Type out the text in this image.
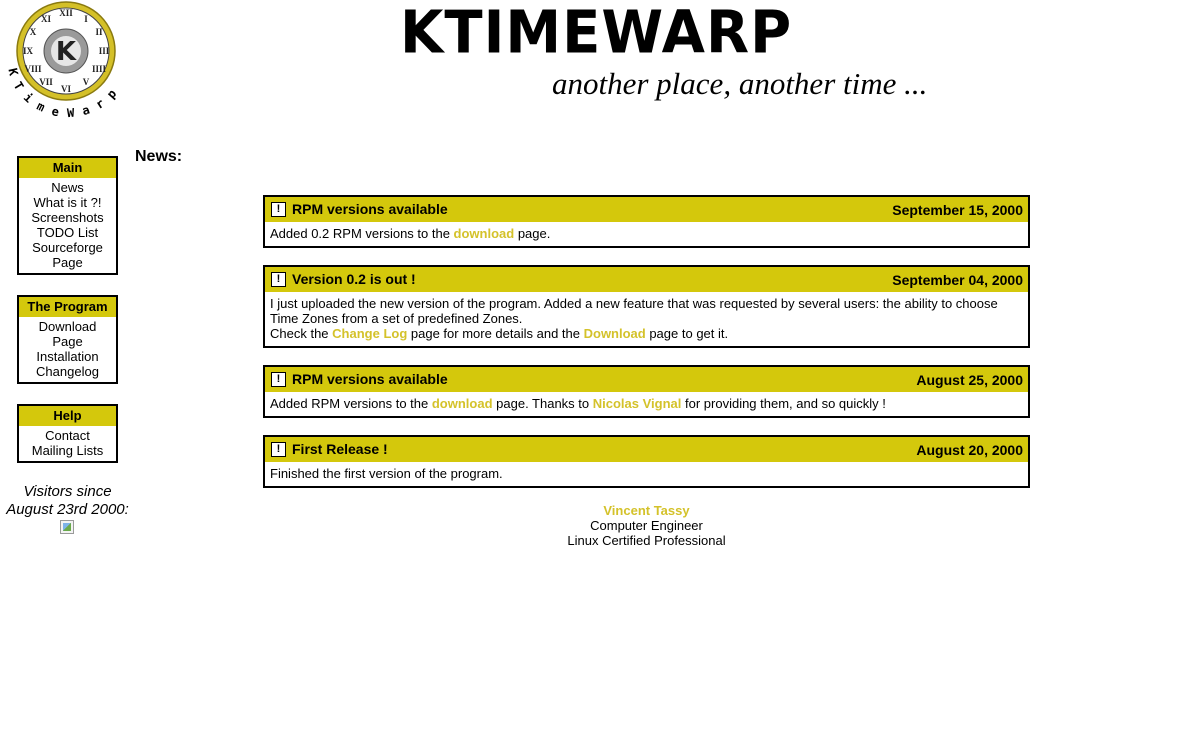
XII
I
II
III
IIII
V
VI
VII
VIII
IX
X
XI
K
K T i m e W a r p
KTIMEWARP
another place, another time ...
Main
News
What is it ?!
Screenshots
TODO List
Sourceforge
Page
The Program
Download
Page
Installation
Changelog
Help
Contact
Mailing Lists
Visitors since
August 23rd 2000:
News:
! RPM versions available	September 15, 2000
Added 0.2 RPM versions to the download page.
! Version 0.2 is out !	September 04, 2000
I just uploaded the new version of the program. Added a new feature that was requested by several users: the ability to choose Time Zones from a set of predefined Zones.
Check the Change Log page for more details and the Download page to get it.
! RPM versions available	August 25, 2000
Added RPM versions to the download page. Thanks to Nicolas Vignal for providing them, and so quickly !
! First Release !	August 20, 2000
Finished the first version of the program.
Vincent Tassy
Computer Engineer
Linux Certified Professional
